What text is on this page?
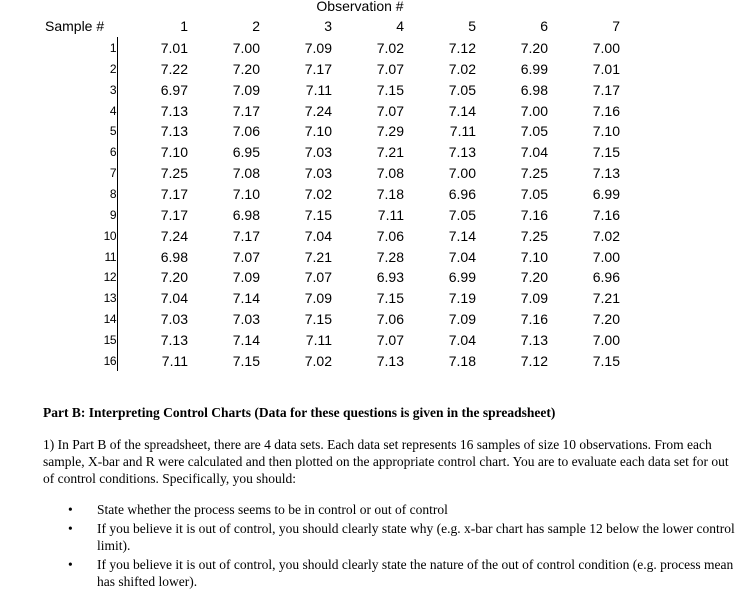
Observation #
Sample #	1	2	3	4	5	6	7
1	7.01	7.00	7.09	7.02	7.12	7.20	7.00
2	7.22	7.20	7.17	7.07	7.02	6.99	7.01
3	6.97	7.09	7.11	7.15	7.05	6.98	7.17
4	7.13	7.17	7.24	7.07	7.14	7.00	7.16
5	7.13	7.06	7.10	7.29	7.11	7.05	7.10
6	7.10	6.95	7.03	7.21	7.13	7.04	7.15
7	7.25	7.08	7.03	7.08	7.00	7.25	7.13
8	7.17	7.10	7.02	7.18	6.96	7.05	6.99
9	7.17	6.98	7.15	7.11	7.05	7.16	7.16
10	7.24	7.17	7.04	7.06	7.14	7.25	7.02
11	6.98	7.07	7.21	7.28	7.04	7.10	7.00
12	7.20	7.09	7.07	6.93	6.99	7.20	6.96
13	7.04	7.14	7.09	7.15	7.19	7.09	7.21
14	7.03	7.03	7.15	7.06	7.09	7.16	7.20
15	7.13	7.14	7.11	7.07	7.04	7.13	7.00
16	7.11	7.15	7.02	7.13	7.18	7.12	7.15
Part B: Interpreting Control Charts (Data for these questions is given in the spreadsheet)
1) In Part B of the spreadsheet, there are 4 data sets. Each data set represents 16 samples of size 10 observations. From each sample, X-bar and R were calculated and then plotted on the appropriate control chart. You are to evaluate each data set for out of control conditions. Specifically, you should:
• State whether the process seems to be in control or out of control
• If you believe it is out of control, you should clearly state why (e.g. x-bar chart has sample 12 below the lower control limit).
• If you believe it is out of control, you should clearly state the nature of the out of control condition (e.g. process mean has shifted lower).
